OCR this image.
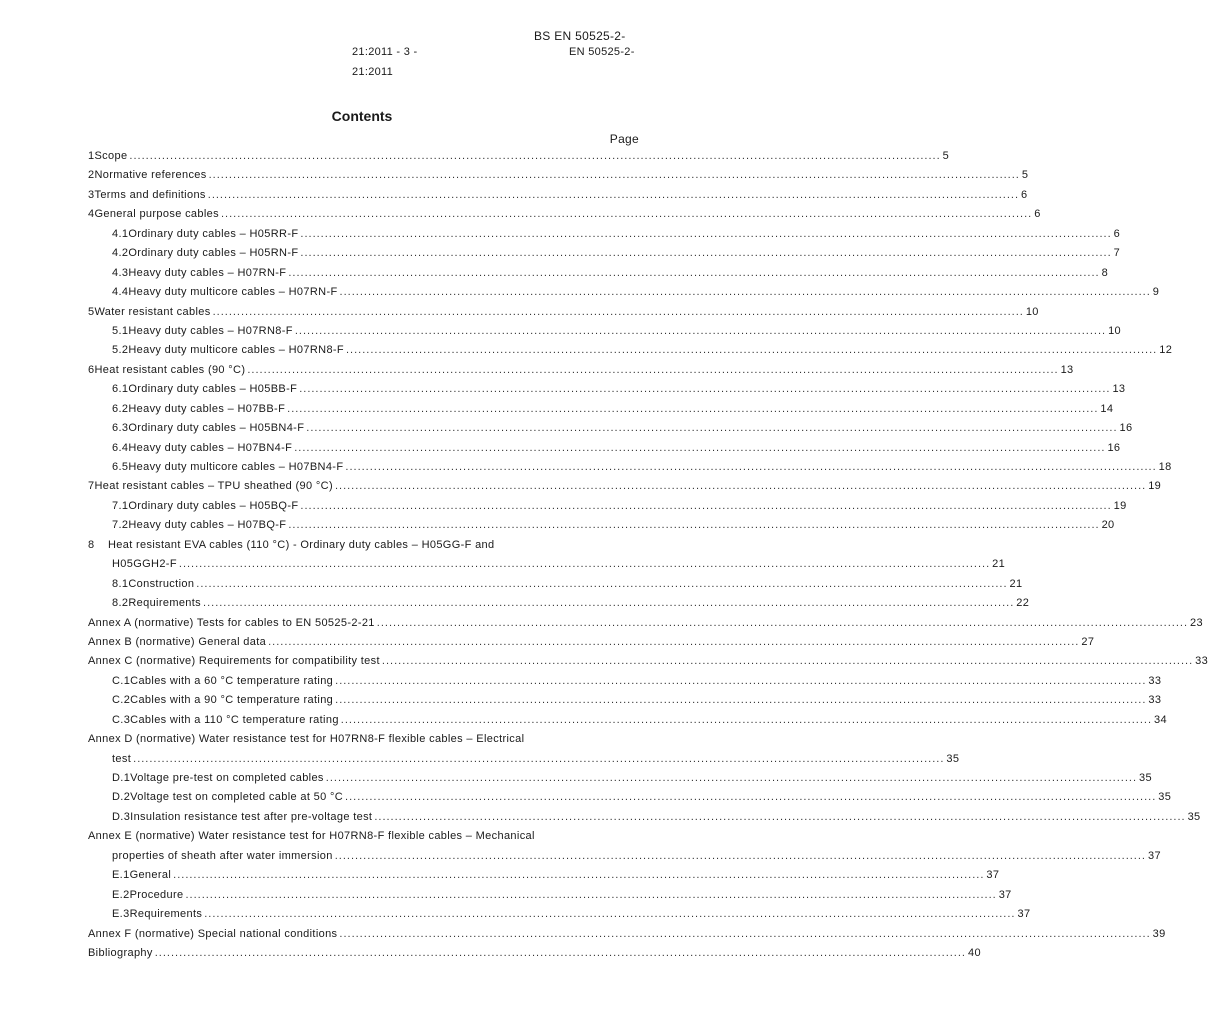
BS EN 50525-2-
21:2011 - 3 -	EN 50525-2-
21:2011
Contents
Page
1 Scope ........................................................................................................................................................................................................ 5
2 Normative references ........................................................................................................................................................................................................ 5
3 Terms and definitions ........................................................................................................................................................................................................ 6
4 General purpose cables ........................................................................................................................................................................................................ 6
4.1 Ordinary duty cables – H05RR-F ........................................................................................................................................................................................................ 6
4.2 Ordinary duty cables – H05RN-F ........................................................................................................................................................................................................ 7
4.3 Heavy duty cables – H07RN-F ........................................................................................................................................................................................................ 8
4.4 Heavy duty multicore cables – H07RN-F ........................................................................................................................................................................................................ 9
5 Water resistant cables ........................................................................................................................................................................................................ 10
5.1 Heavy duty cables – H07RN8-F ........................................................................................................................................................................................................ 10
5.2 Heavy duty multicore cables – H07RN8-F ........................................................................................................................................................................................................ 12
6 Heat resistant cables (90 °C) ........................................................................................................................................................................................................ 13
6.1 Ordinary duty cables – H05BB-F ........................................................................................................................................................................................................ 13
6.2 Heavy duty cables – H07BB-F ........................................................................................................................................................................................................ 14
6.3 Ordinary duty cables – H05BN4-F ........................................................................................................................................................................................................ 16
6.4 Heavy duty cables – H07BN4-F ........................................................................................................................................................................................................ 16
6.5 Heavy duty multicore cables – H07BN4-F ........................................................................................................................................................................................................ 18
7 Heat resistant cables – TPU sheathed (90 °C) ........................................................................................................................................................................................................ 19
7.1 Ordinary duty cables – H05BQ-F ........................................................................................................................................................................................................ 19
7.2 Heavy duty cables – H07BQ-F ........................................................................................................................................................................................................ 20
8	Heat resistant EVA cables (110 °C) - Ordinary duty cables – H05GG-F and
H05GGH2-F ........................................................................................................................................................................................................ 21
8.1 Construction ........................................................................................................................................................................................................ 21
8.2 Requirements ........................................................................................................................................................................................................ 22
Annex A (normative) Tests for cables to EN 50525-2-21 ........................................................................................................................................................................................................ 23
Annex B (normative) General data ........................................................................................................................................................................................................ 27
Annex C (normative) Requirements for compatibility test ........................................................................................................................................................................................................ 33
C.1 Cables with a 60 °C temperature rating ........................................................................................................................................................................................................ 33
C.2 Cables with a 90 °C temperature rating ........................................................................................................................................................................................................ 33
C.3 Cables with a 110 °C temperature rating ........................................................................................................................................................................................................ 34
Annex D (normative) Water resistance test for H07RN8-F flexible cables – Electrical
test ........................................................................................................................................................................................................ 35
D.1 Voltage pre-test on completed cables ........................................................................................................................................................................................................ 35
D.2 Voltage test on completed cable at 50 °C ........................................................................................................................................................................................................ 35
D.3 Insulation resistance test after pre-voltage test ........................................................................................................................................................................................................ 35
Annex E (normative) Water resistance test for H07RN8-F flexible cables – Mechanical
properties of sheath after water immersion ........................................................................................................................................................................................................ 37
E.1 General ........................................................................................................................................................................................................ 37
E.2 Procedure ........................................................................................................................................................................................................ 37
E.3 Requirements ........................................................................................................................................................................................................ 37
Annex F (normative) Special national conditions ........................................................................................................................................................................................................ 39
Bibliography ........................................................................................................................................................................................................ 40
